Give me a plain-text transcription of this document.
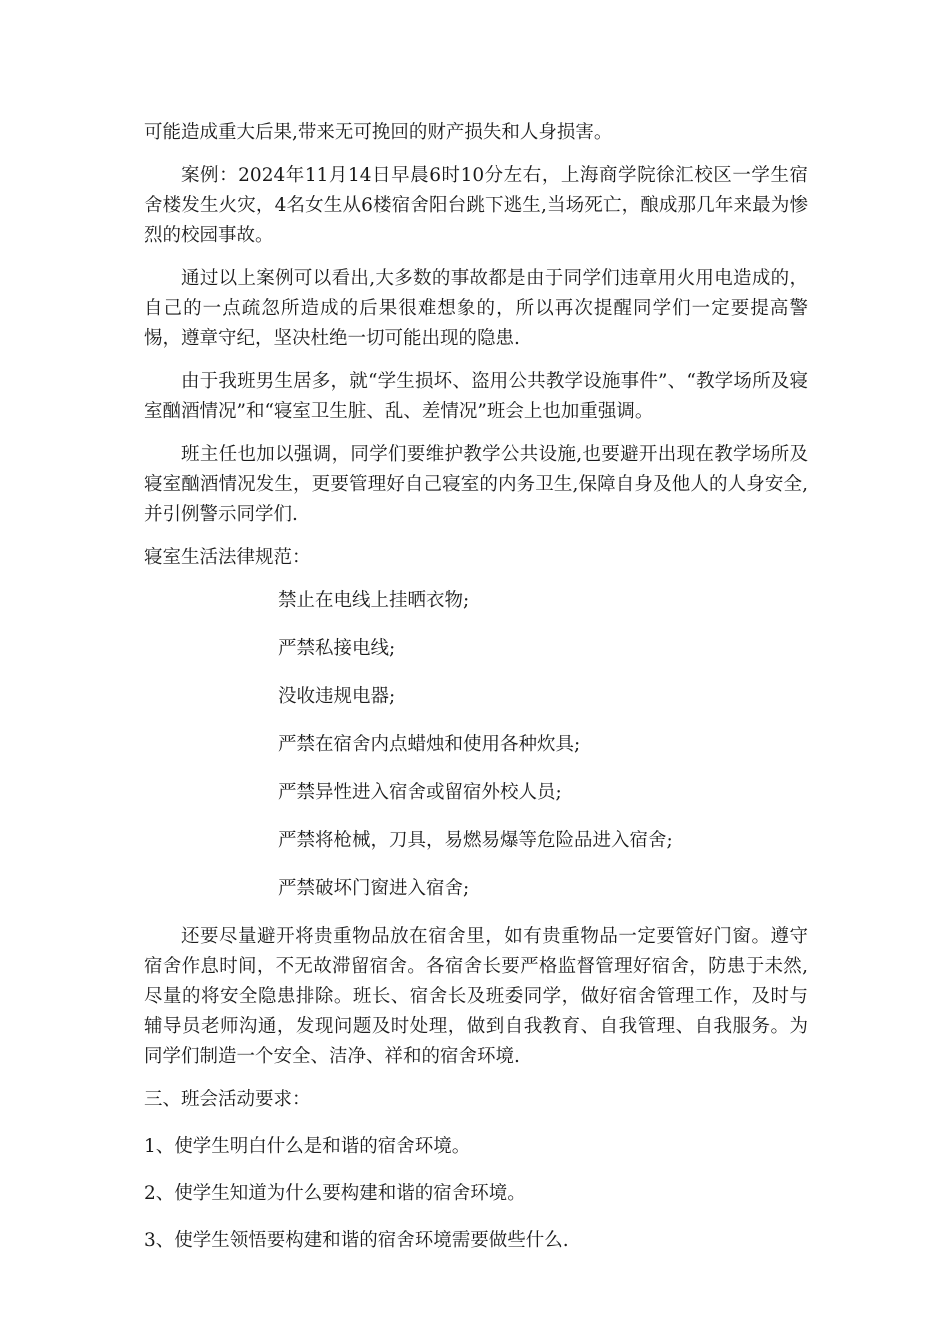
可能造成重大后果,带来无可挽回的财产损失和人身损害。

案例：2024年11月14日早晨6时10分左右，上海商学院徐汇校区一学生宿舍楼发生火灾，4名女生从6楼宿舍阳台跳下逃生,当场死亡，酿成那几年来最为惨烈的校园事故。

通过以上案例可以看出,大多数的事故都是由于同学们违章用火用电造成的，自己的一点疏忽所造成的后果很难想象的，所以再次提醒同学们一定要提高警惕，遵章守纪，坚决杜绝一切可能出现的隐患.

由于我班男生居多，就“学生损坏、盗用公共教学设施事件”、“教学场所及寝室酗酒情况”和“寝室卫生脏、乱、差情况”班会上也加重强调。

班主任也加以强调，同学们要维护教学公共设施,也要避开出现在教学场所及寝室酗酒情况发生，更要管理好自己寝室的内务卫生,保障自身及他人的人身安全,并引例警示同学们.

寝室生活法律规范：

禁止在电线上挂晒衣物;
严禁私接电线;
没收违规电器;
严禁在宿舍内点蜡烛和使用各种炊具;
严禁异性进入宿舍或留宿外校人员;
严禁将枪械，刀具，易燃易爆等危险品进入宿舍;
严禁破坏门窗进入宿舍;

还要尽量避开将贵重物品放在宿舍里，如有贵重物品一定要管好门窗。遵守宿舍作息时间，不无故滞留宿舍。各宿舍长要严格监督管理好宿舍，防患于未然,尽量的将安全隐患排除。班长、宿舍长及班委同学，做好宿舍管理工作，及时与辅导员老师沟通，发现问题及时处理，做到自我教育、自我管理、自我服务。为同学们制造一个安全、洁净、祥和的宿舍环境.

三、班会活动要求：

1、使学生明白什么是和谐的宿舍环境。

2、使学生知道为什么要构建和谐的宿舍环境。

3、使学生领悟要构建和谐的宿舍环境需要做些什么.
